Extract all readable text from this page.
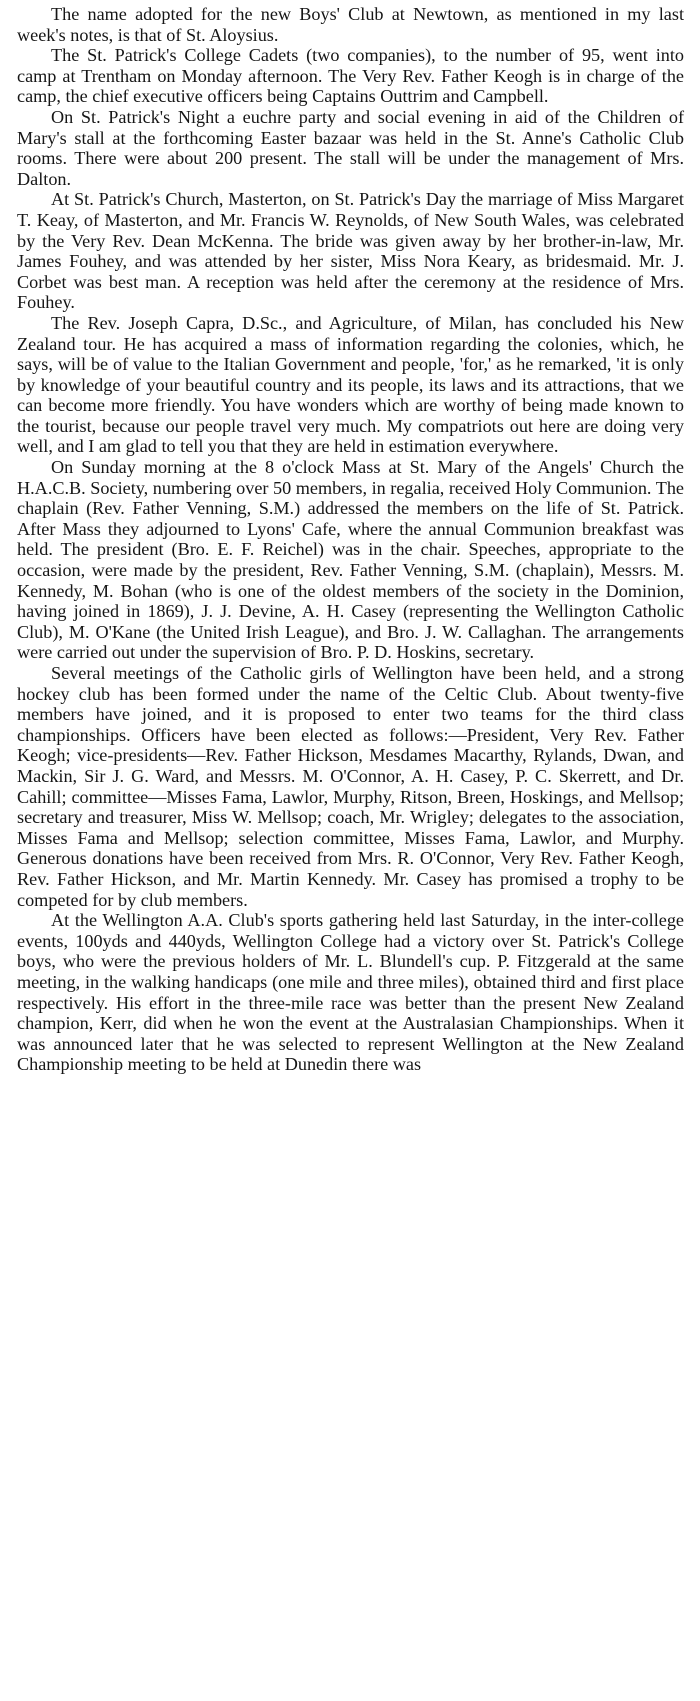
The name adopted for the new Boys' Club at Newtown, as mentioned in my last week's notes, is that of St. Aloysius.

The St. Patrick's College Cadets (two companies), to the number of 95, went into camp at Trentham on Monday afternoon. The Very Rev. Father Keogh is in charge of the camp, the chief executive officers being Captains Outtrim and Campbell.

On St. Patrick's Night a euchre party and social evening in aid of the Children of Mary's stall at the forthcoming Easter bazaar was held in the St. Anne's Catholic Club rooms. There were about 200 present. The stall will be under the management of Mrs. Dalton.

At St. Patrick's Church, Masterton, on St. Patrick's Day the marriage of Miss Margaret T. Keay, of Masterton, and Mr. Francis W. Reynolds, of New South Wales, was celebrated by the Very Rev. Dean McKenna. The bride was given away by her brother-in-law, Mr. James Fouhey, and was attended by her sister, Miss Nora Keary, as bridesmaid. Mr. J. Corbet was best man. A reception was held after the ceremony at the residence of Mrs. Fouhey.

The Rev. Joseph Capra, D.Sc., and Agriculture, of Milan, has concluded his New Zealand tour. He has acquired a mass of information regarding the colonies, which, he says, will be of value to the Italian Government and people, 'for,' as he remarked, 'it is only by knowledge of your beautiful country and its people, its laws and its attractions, that we can become more friendly. You have wonders which are worthy of being made known to the tourist, because our people travel very much. My compatriots out here are doing very well, and I am glad to tell you that they are held in estimation everywhere.

On Sunday morning at the 8 o'clock Mass at St. Mary of the Angels' Church the H.A.C.B. Society, numbering over 50 members, in regalia, received Holy Communion. The chaplain (Rev. Father Venning, S.M.) addressed the members on the life of St. Patrick. After Mass they adjourned to Lyons' Cafe, where the annual Communion breakfast was held. The president (Bro. E. F. Reichel) was in the chair. Speeches, appropriate to the occasion, were made by the president, Rev. Father Venning, S.M. (chaplain), Messrs. M. Kennedy, M. Bohan (who is one of the oldest members of the society in the Dominion, having joined in 1869), J. J. Devine, A. H. Casey (representing the Wellington Catholic Club), M. O'Kane (the United Irish League), and Bro. J. W. Callaghan. The arrangements were carried out under the supervision of Bro. P. D. Hoskins, secretary.

Several meetings of the Catholic girls of Wellington have been held, and a strong hockey club has been formed under the name of the Celtic Club. About twenty-five members have joined, and it is proposed to enter two teams for the third class championships. Officers have been elected as follows:—President, Very Rev. Father Keogh; vice-presidents—Rev. Father Hickson, Mesdames Macarthy, Rylands, Dwan, and Mackin, Sir J. G. Ward, and Messrs. M. O'Connor, A. H. Casey, P. C. Skerrett, and Dr. Cahill; committee—Misses Fama, Lawlor, Murphy, Ritson, Breen, Hoskings, and Mellsop; secretary and treasurer, Miss W. Mellsop; coach, Mr. Wrigley; delegates to the association, Misses Fama and Mellsop; selection committee, Misses Fama, Lawlor, and Murphy. Generous donations have been received from Mrs. R. O'Connor, Very Rev. Father Keogh, Rev. Father Hickson, and Mr. Martin Kennedy. Mr. Casey has promised a trophy to be competed for by club members.

At the Wellington A.A. Club's sports gathering held last Saturday, in the inter-college events, 100yds and 440yds, Wellington College had a victory over St. Patrick's College boys, who were the previous holders of Mr. L. Blundell's cup. P. Fitzgerald at the same meeting, in the walking handicaps (one mile and three miles), obtained third and first place respectively. His effort in the three-mile race was better than the present New Zealand champion, Kerr, did when he won the event at the Australasian Championships. When it was announced later that he was selected to represent Wellington at the New Zealand Championship meeting to be held at Dunedin there was
